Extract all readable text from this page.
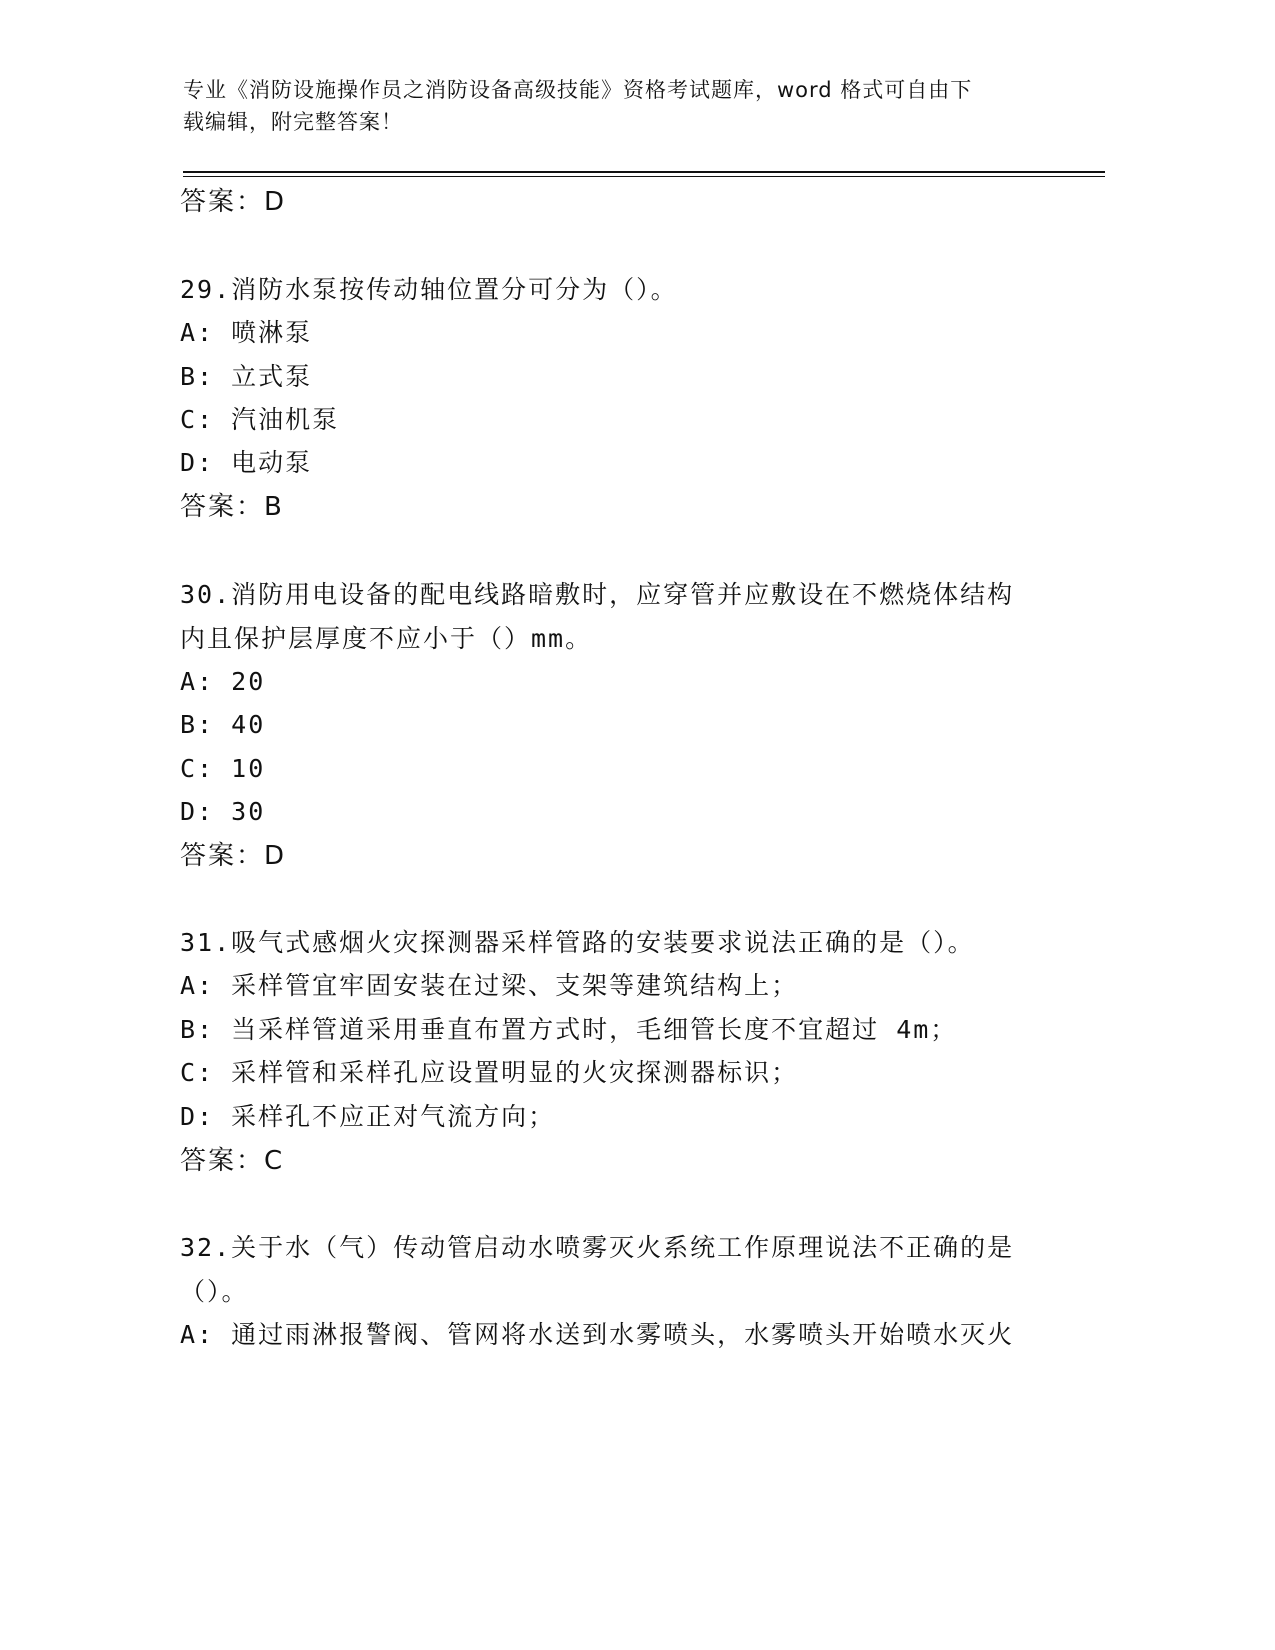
专业《消防设施操作员之消防设备高级技能》资格考试题库，word 格式可自由下
载编辑，附完整答案！
答案：D
29.消防水泵按传动轴位置分可分为（）。
A: 喷淋泵
B: 立式泵
C: 汽油机泵
D: 电动泵
答案：B
30.消防用电设备的配电线路暗敷时，应穿管并应敷设在不燃烧体结构
内且保护层厚度不应小于（）mm。
A: 20
B: 40
C: 10
D: 30
答案：D
31.吸气式感烟火灾探测器采样管路的安装要求说法正确的是（）。
A: 采样管宜牢固安装在过梁、支架等建筑结构上；
B: 当采样管道采用垂直布置方式时，毛细管长度不宜超过 4m；
C: 采样管和采样孔应设置明显的火灾探测器标识；
D: 采样孔不应正对气流方向；
答案：C
32.关于水（气）传动管启动水喷雾灭火系统工作原理说法不正确的是
（）。
A: 通过雨淋报警阀、管网将水送到水雾喷头，水雾喷头开始喷水灭火
